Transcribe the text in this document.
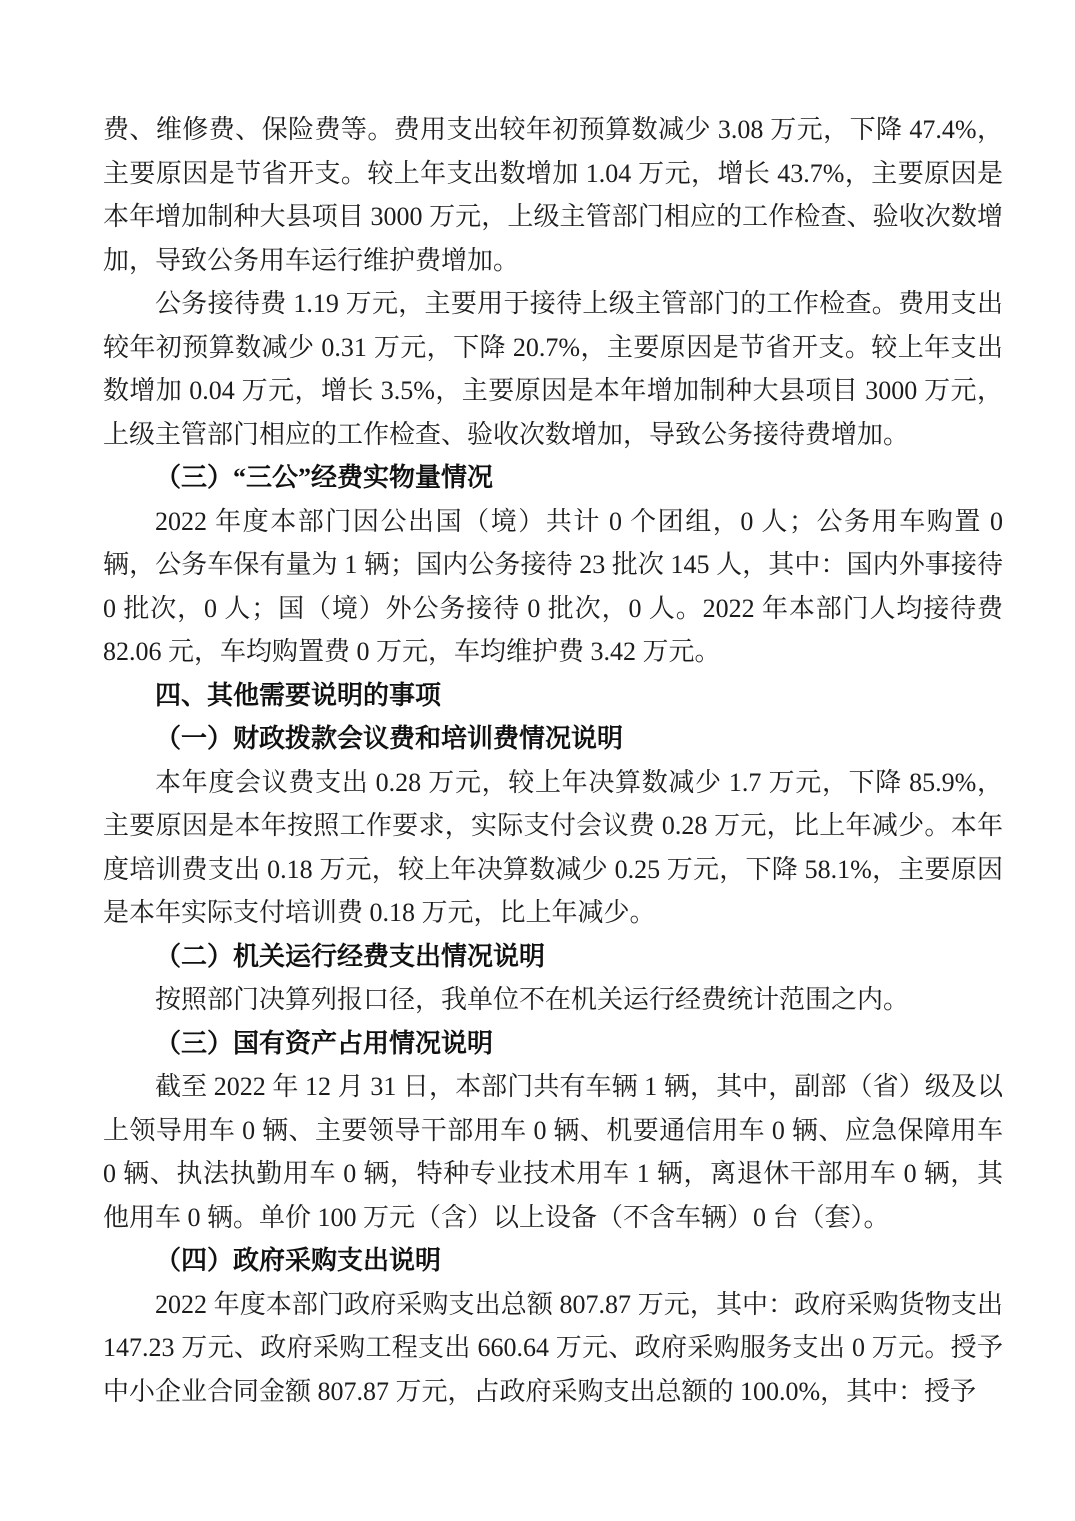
费、维修费、保险费等。费用支出较年初预算数减少 3.08 万元，下降 47.4%，主要原因是节省开支。较上年支出数增加 1.04 万元，增长 43.7%，主要原因是本年增加制种大县项目 3000 万元，上级主管部门相应的工作检查、验收次数增加，导致公务用车运行维护费增加。

公务接待费 1.19 万元，主要用于接待上级主管部门的工作检查。费用支出较年初预算数减少 0.31 万元，下降 20.7%，主要原因是节省开支。较上年支出数增加 0.04 万元，增长 3.5%，主要原因是本年增加制种大县项目 3000 万元，上级主管部门相应的工作检查、验收次数增加，导致公务接待费增加。

（三）“三公”经费实物量情况

2022 年度本部门因公出国（境）共计 0 个团组，0 人；公务用车购置 0 辆，公务车保有量为 1 辆；国内公务接待 23 批次 145 人，其中：国内外事接待 0 批次，0 人；国（境）外公务接待 0 批次，0 人。2022 年本部门人均接待费 82.06 元，车均购置费 0 万元，车均维护费 3.42 万元。

四、其他需要说明的事项
（一）财政拨款会议费和培训费情况说明

本年度会议费支出 0.28 万元，较上年决算数减少 1.7 万元，下降 85.9%，主要原因是本年按照工作要求，实际支付会议费 0.28 万元，比上年减少。本年度培训费支出 0.18 万元，较上年决算数减少 0.25 万元，下降 58.1%，主要原因是本年实际支付培训费 0.18 万元，比上年减少。

（二）机关运行经费支出情况说明

按照部门决算列报口径，我单位不在机关运行经费统计范围之内。

（三）国有资产占用情况说明

截至 2022 年 12 月 31 日，本部门共有车辆 1 辆，其中，副部（省）级及以上领导用车 0 辆、主要领导干部用车 0 辆、机要通信用车 0 辆、应急保障用车 0 辆、执法执勤用车 0 辆，特种专业技术用车 1 辆，离退休干部用车 0 辆，其他用车 0 辆。单价 100 万元（含）以上设备（不含车辆）0 台（套）。

（四）政府采购支出说明

2022 年度本部门政府采购支出总额 807.87 万元，其中：政府采购货物支出 147.23 万元、政府采购工程支出 660.64 万元、政府采购服务支出 0 万元。授予中小企业合同金额 807.87 万元，占政府采购支出总额的 100.0%，其中：授予
